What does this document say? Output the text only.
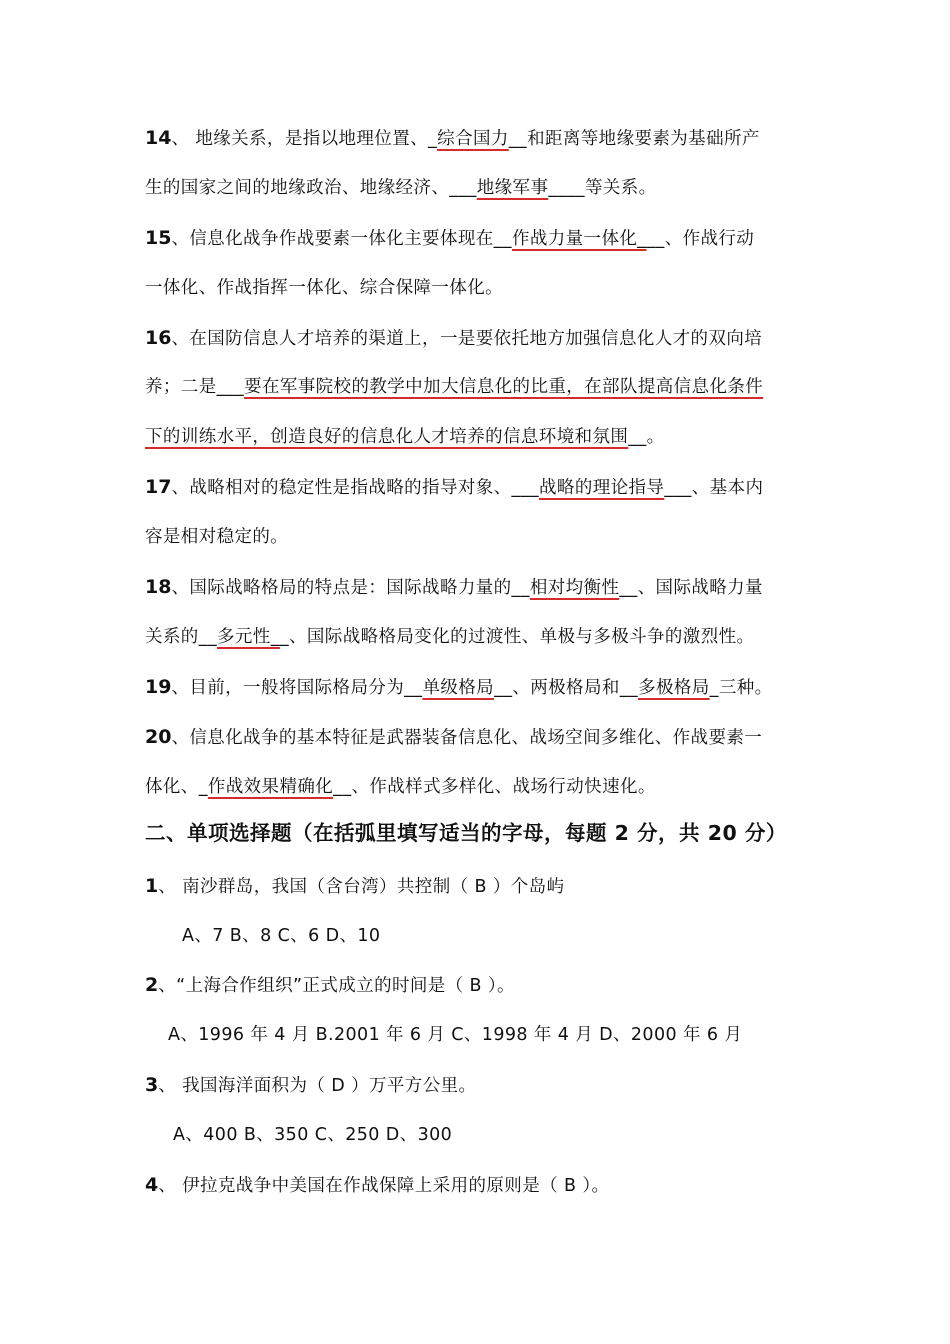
14、 地缘关系，是指以地理位置、_综合国力__和距离等地缘要素为基础所产
生的国家之间的地缘政治、地缘经济、___地缘军事____等关系。
15、信息化战争作战要素一体化主要体现在__作战力量一体化___、作战行动
一体化、作战指挥一体化、综合保障一体化。
16、在国防信息人才培养的渠道上，一是要依托地方加强信息化人才的双向培
养；二是___要在军事院校的教学中加大信息化的比重，在部队提高信息化条件
下的训练水平，创造良好的信息化人才培养的信息环境和氛围__。
17、战略相对的稳定性是指战略的指导对象、___战略的理论指导___、基本内
容是相对稳定的。
18、国际战略格局的特点是：国际战略力量的__相对均衡性__、国际战略力量
关系的__多元性__、国际战略格局变化的过渡性、单极与多极斗争的激烈性。
19、目前，一般将国际格局分为__单级格局__、两极格局和__多极格局_三种。
20、信息化战争的基本特征是武器装备信息化、战场空间多维化、作战要素一
体化、_作战效果精确化__、作战样式多样化、战场行动快速化。
二、单项选择题（在括弧里填写适当的字母，每题 2 分，共 20 分）
1、 南沙群岛，我国（含台湾）共控制（ B ）个岛屿
A、7 B、8 C、6 D、10
2、“上海合作组织”正式成立的时间是（ B ）。
A、1996 年 4 月 B.2001 年 6 月 C、1998 年 4 月 D、2000 年 6 月
3、 我国海洋面积为（ D ）万平方公里。
A、400 B、350 C、250 D、300
4、 伊拉克战争中美国在作战保障上采用的原则是（ B ）。
